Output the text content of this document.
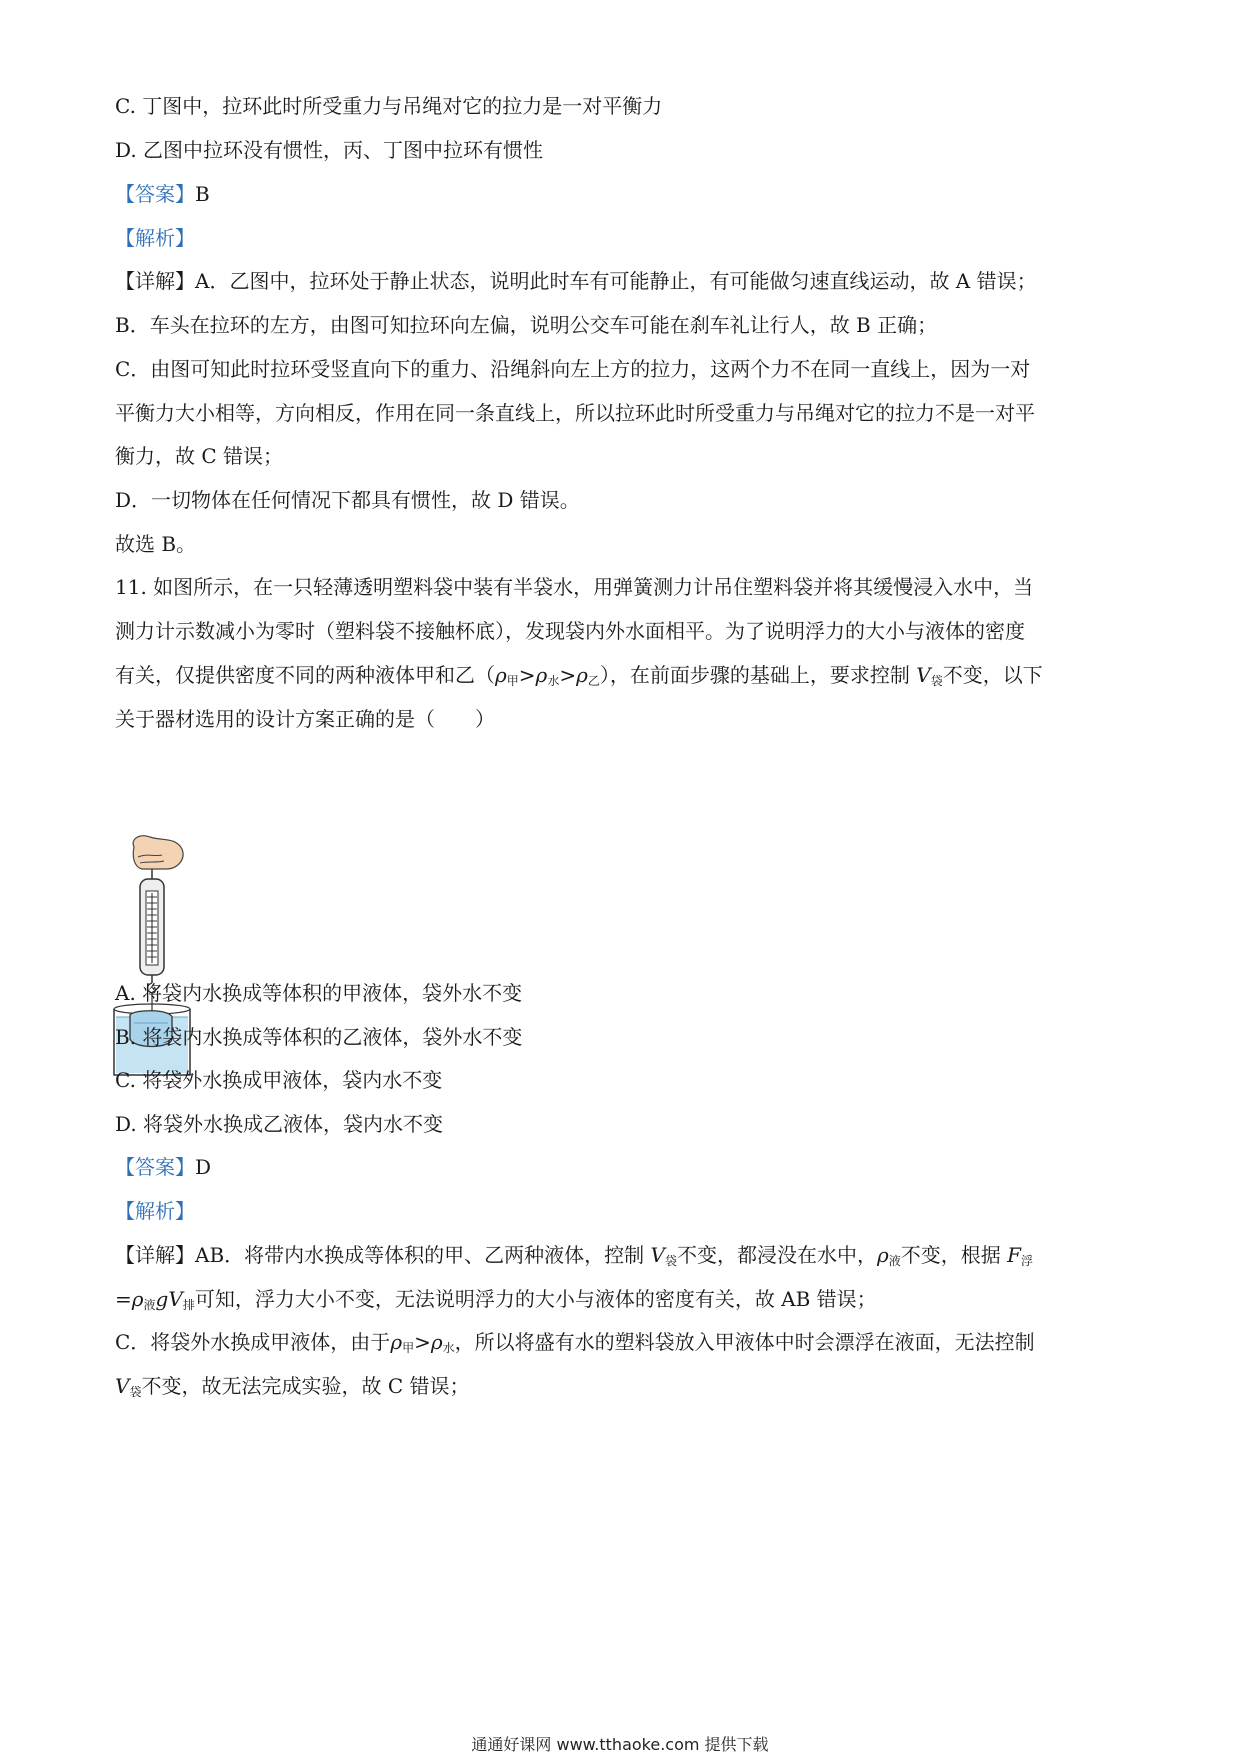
C. 丁图中，拉环此时所受重力与吊绳对它的拉力是一对平衡力
D. 乙图中拉环没有惯性，丙、丁图中拉环有惯性
【答案】B
【解析】
【详解】A．乙图中，拉环处于静止状态，说明此时车有可能静止，有可能做匀速直线运动，故 A 错误；
B．车头在拉环的左方，由图可知拉环向左偏，说明公交车可能在刹车礼让行人，故 B 正确；
C．由图可知此时拉环受竖直向下的重力、沿绳斜向左上方的拉力，这两个力不在同一直线上，因为一对
平衡力大小相等，方向相反，作用在同一条直线上，所以拉环此时所受重力与吊绳对它的拉力不是一对平
衡力，故 C 错误；
D．一切物体在任何情况下都具有惯性，故 D 错误。
故选 B。
11. 如图所示，在一只轻薄透明塑料袋中装有半袋水，用弹簧测力计吊住塑料袋并将其缓慢浸入水中，当
测力计示数减小为零时（塑料袋不接触杯底），发现袋内外水面相平。为了说明浮力的大小与液体的密度
有关，仅提供密度不同的两种液体甲和乙$(\rho_甲>\rho_水>\rho_乙)$，在前面步骤的基础上，要求控制 $V_袋$不变，以下
关于器材选用的设计方案正确的是（　　）
A. 将袋内水换成等体积的甲液体，袋外水不变
B. 将袋内水换成等体积的乙液体，袋外水不变
C. 将袋外水换成甲液体，袋内水不变
D. 将袋外水换成乙液体，袋内水不变
【答案】D
【解析】
【详解】AB．将带内水换成等体积的甲、乙两种液体，控制 $V_袋$不变，都浸没在水中，$\rho_液$不变，根据 $F_浮$
$=\rho_液gV_排$可知，浮力大小不变，无法说明浮力的大小与液体的密度有关，故 AB 错误；
C．将袋外水换成甲液体，由于$\rho_甲>\rho_水$，所以将盛有水的塑料袋放入甲液体中时会漂浮在液面，无法控制
$V_袋$不变，故无法完成实验，故 C 错误；
通通好课网 www.tthaoke.com 提供下载
